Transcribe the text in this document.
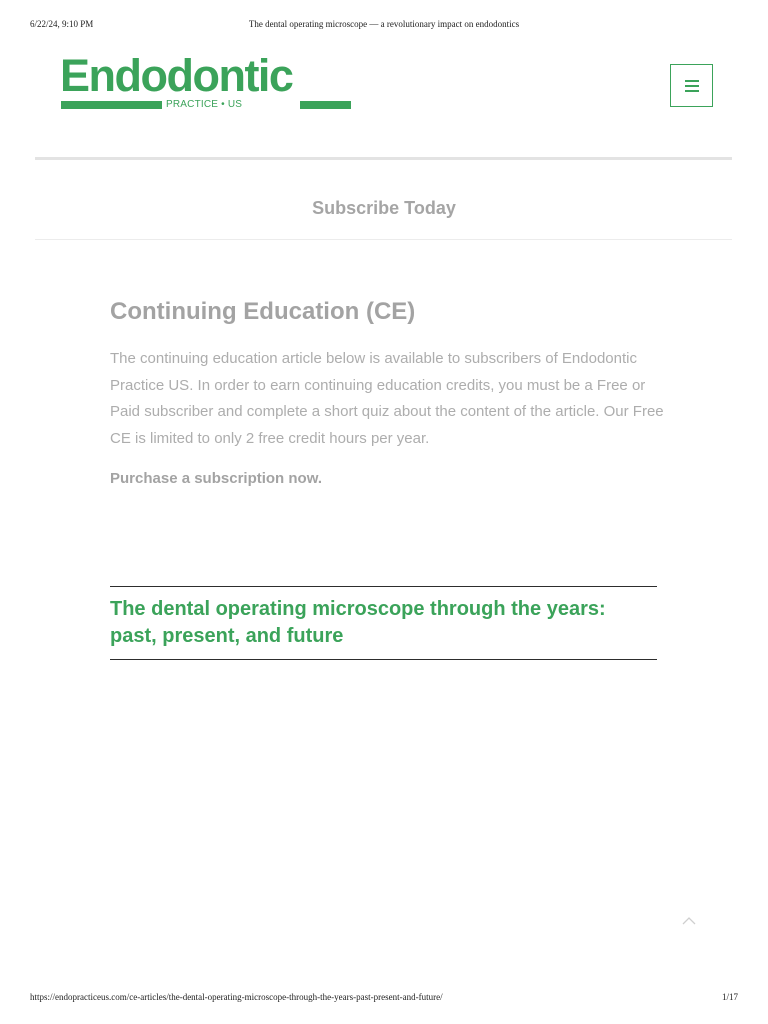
6/22/24, 9:10 PM	The dental operating microscope — a revolutionary impact on endodontics
Endodontic
PRACTICE • US
Subscribe Today
Continuing Education (CE)

The continuing education article below is available to subscribers of Endodontic Practice US. In order to earn continuing education credits, you must be a Free or Paid subscriber and complete a short quiz about the content of the article. Our Free CE is limited to only 2 free credit hours per year.

Purchase a subscription now.
The dental operating microscope through the years: past, present, and future
https://endopracticeus.com/ce-articles/the-dental-operating-microscope-through-the-years-past-present-and-future/	1/17
